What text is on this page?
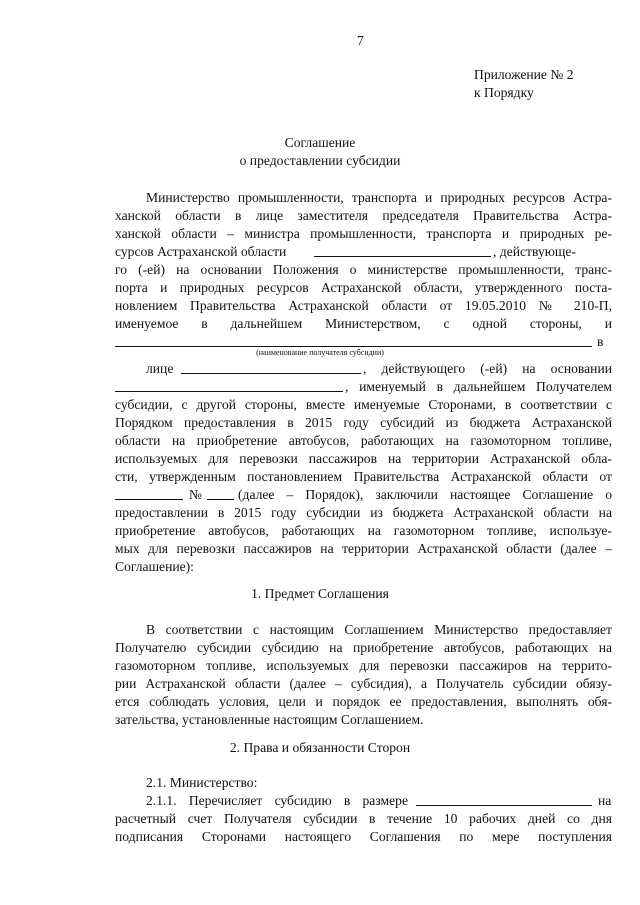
7
Приложение № 2
к Порядку
Соглашение
о предоставлении субсидии
Министерство промышленности, транспорта и природных ресурсов Астра-
ханской области в лице заместителя председателя Правительства Астра-
ханской области – министра промышленности, транспорта и природных ре-
сурсов Астраханской области	, действующе-
го (-ей) на основании Положения о министерстве промышленности, транс-
порта и природных ресурсов Астраханской области, утвержденного поста-
новлением Правительства Астраханской области от 19.05.2010 № 210-П,
именуемое в дальнейшем Министерством, с одной стороны, и
в
(наименование получателя субсидии)
лице	, действующего (-ей) на основании
, именуемый в дальнейшем Получателем
субсидии, с другой стороны, вместе именуемые Сторонами, в соответствии с
Порядком предоставления в 2015 году субсидий из бюджета Астраханской
области на приобретение автобусов, работающих на газомоторном топливе,
используемых для перевозки пассажиров на территории Астраханской обла-
сти, утвержденным постановлением Правительства Астраханской области от
№	(далее – Порядок), заключили настоящее Соглашение о
предоставлении в 2015 году субсидии из бюджета Астраханской области на
приобретение автобусов, работающих на газомоторном топливе, используе-
мых для перевозки пассажиров на территории Астраханской области (далее –
Соглашение):
1. Предмет Соглашения
В соответствии с настоящим Соглашением Министерство предоставляет
Получателю субсидии субсидию на приобретение автобусов, работающих на
газомоторном топливе, используемых для перевозки пассажиров на террито-
рии Астраханской области (далее – субсидия), а Получатель субсидии обязу-
ется соблюдать условия, цели и порядок ее предоставления, выполнять обя-
зательства, установленные настоящим Соглашением.
2. Права и обязанности Сторон
2.1. Министерство:
2.1.1. Перечисляет субсидию в размере	на
расчетный счет Получателя субсидии в течение 10 рабочих дней со дня
подписания Сторонами настоящего Соглашения по мере поступления
